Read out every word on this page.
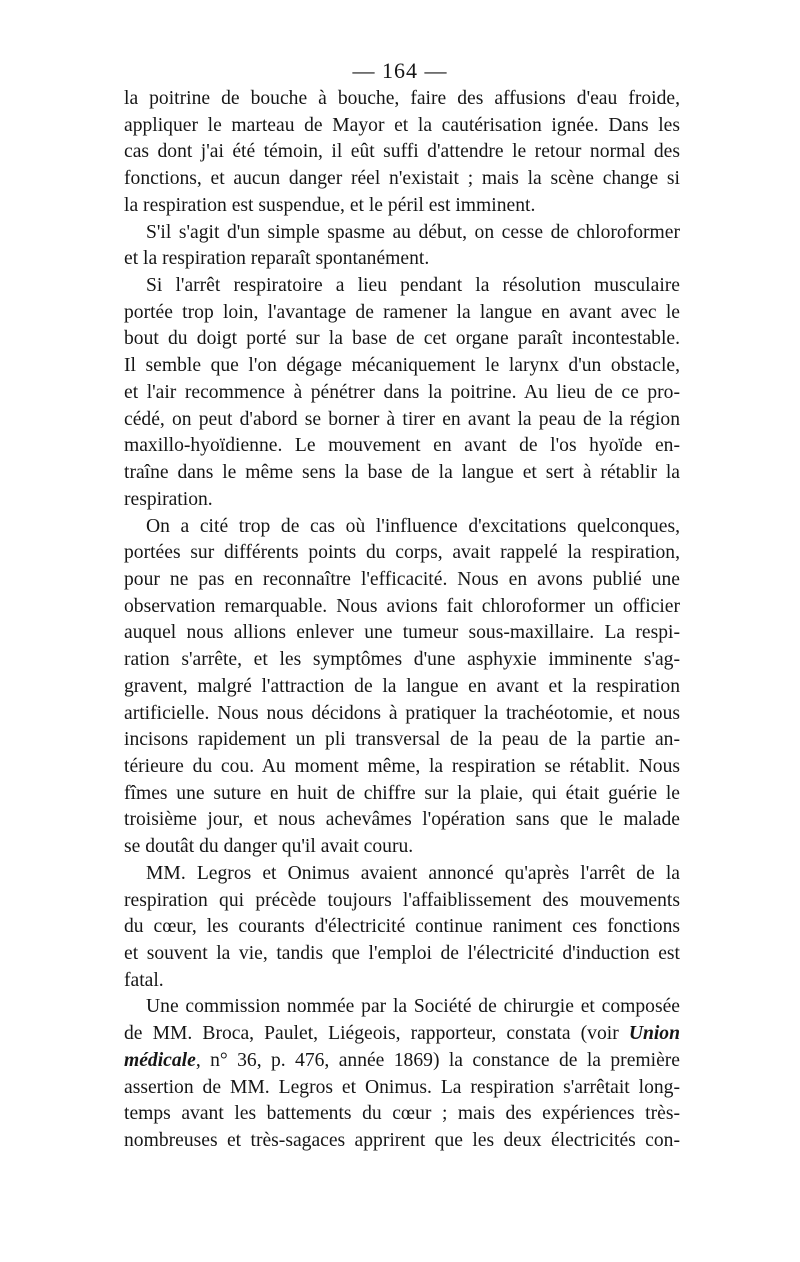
— 164 —
la poitrine de bouche à bouche, faire des affusions d'eau froide,
appliquer le marteau de Mayor et la cautérisation ignée. Dans les
cas dont j'ai été témoin, il eût suffi d'attendre le retour normal des
fonctions, et aucun danger réel n'existait ; mais la scène change si
la respiration est suspendue, et le péril est imminent.
S'il s'agit d'un simple spasme au début, on cesse de chloroformer
et la respiration reparaît spontanément.
Si l'arrêt respiratoire a lieu pendant la résolution musculaire
portée trop loin, l'avantage de ramener la langue en avant avec le
bout du doigt porté sur la base de cet organe paraît incontestable.
Il semble que l'on dégage mécaniquement le larynx d'un obstacle,
et l'air recommence à pénétrer dans la poitrine. Au lieu de ce pro-
cédé, on peut d'abord se borner à tirer en avant la peau de la région
maxillo-hyoïdienne. Le mouvement en avant de l'os hyoïde en-
traîne dans le même sens la base de la langue et sert à rétablir la
respiration.
On a cité trop de cas où l'influence d'excitations quelconques,
portées sur différents points du corps, avait rappelé la respiration,
pour ne pas en reconnaître l'efficacité. Nous en avons publié une
observation remarquable. Nous avions fait chloroformer un officier
auquel nous allions enlever une tumeur sous-maxillaire. La respi-
ration s'arrête, et les symptômes d'une asphyxie imminente s'ag-
gravent, malgré l'attraction de la langue en avant et la respiration
artificielle. Nous nous décidons à pratiquer la trachéotomie, et nous
incisons rapidement un pli transversal de la peau de la partie an-
térieure du cou. Au moment même, la respiration se rétablit. Nous
fîmes une suture en huit de chiffre sur la plaie, qui était guérie le
troisième jour, et nous achevâmes l'opération sans que le malade
se doutât du danger qu'il avait couru.
MM. Legros et Onimus avaient annoncé qu'après l'arrêt de la
respiration qui précède toujours l'affaiblissement des mouvements
du cœur, les courants d'électricité continue raniment ces fonctions
et souvent la vie, tandis que l'emploi de l'électricité d'induction est
fatal.
Une commission nommée par la Société de chirurgie et composée
de MM. Broca, Paulet, Liégeois, rapporteur, constata (voir Union
médicale, n° 36, p. 476, année 1869) la constance de la première
assertion de MM. Legros et Onimus. La respiration s'arrêtait long-
temps avant les battements du cœur ; mais des expériences très-
nombreuses et très-sagaces apprirent que les deux électricités con-
